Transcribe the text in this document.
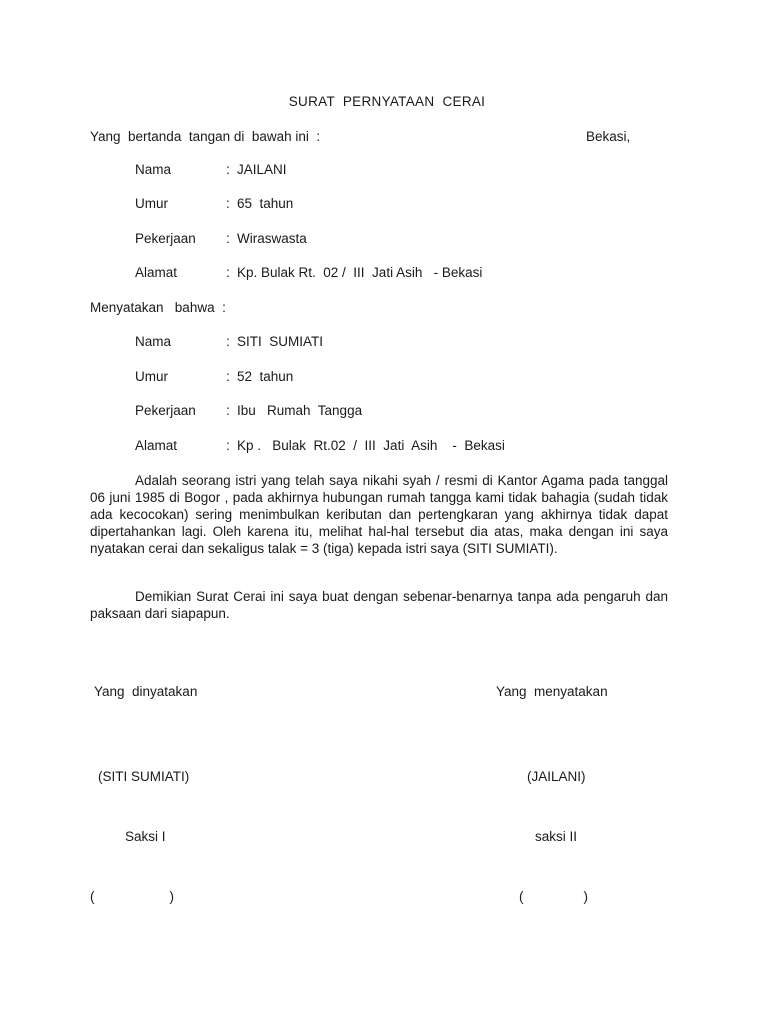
SURAT  PERNYATAAN  CERAI
Yang  bertanda  tangan di  bawah ini  :	Bekasi,
Nama	: JAILANI
Umur	: 65  tahun
Pekerjaan : Wiraswasta
Alamat	: Kp. Bulak Rt.  02 /  III  Jati Asih   - Bekasi
Menyatakan   bahwa  :
Nama	: SITI  SUMIATI
Umur	: 52  tahun
Pekerjaan : Ibu   Rumah  Tangga
Alamat	: Kp .   Bulak  Rt.02  /  III  Jati  Asih    -  Bekasi

Adalah seorang istri yang telah saya nikahi syah / resmi di Kantor Agama pada tanggal 06 juni 1985 di Bogor , pada akhirnya hubungan rumah tangga kami tidak bahagia (sudah tidak ada kecocokan) sering menimbulkan keributan dan pertengkaran yang akhirnya tidak dapat dipertahankan lagi. Oleh karena itu, melihat hal-hal tersebut dia atas, maka dengan ini saya nyatakan cerai dan sekaligus talak = 3 (tiga) kepada istri saya (SITI SUMIATI).

Demikian Surat Cerai ini saya buat dengan sebenar-benarnya tanpa ada pengaruh dan paksaan dari siapapun.

Yang  dinyatakan	Yang  menyatakan
(SITI SUMIATI)	(JAILANI)
Saksi I	saksi II
(                    )	(                )
